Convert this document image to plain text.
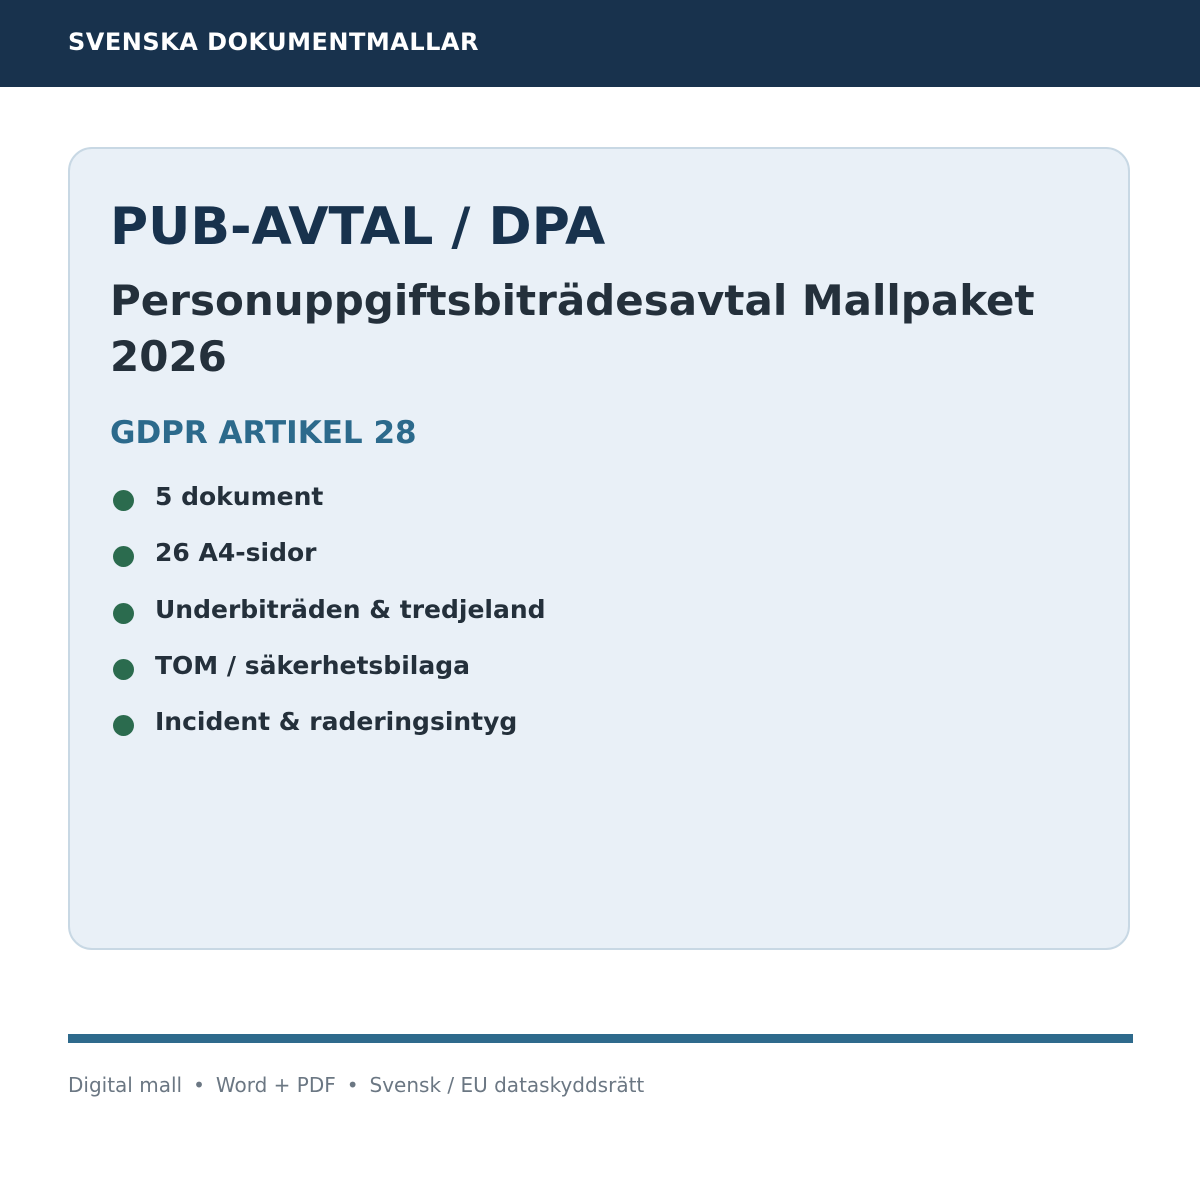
SVENSKA DOKUMENTMALLAR
PUB-AVTAL / DPA
Personuppgiftsbiträdesavtal Mallpaket 2026
GDPR ARTIKEL 28
5 dokument
26 A4-sidor
Underbiträden & tredjeland
TOM / säkerhetsbilaga
Incident & raderingsintyg
Digital mall • Word + PDF • Svensk / EU dataskyddsrätt
